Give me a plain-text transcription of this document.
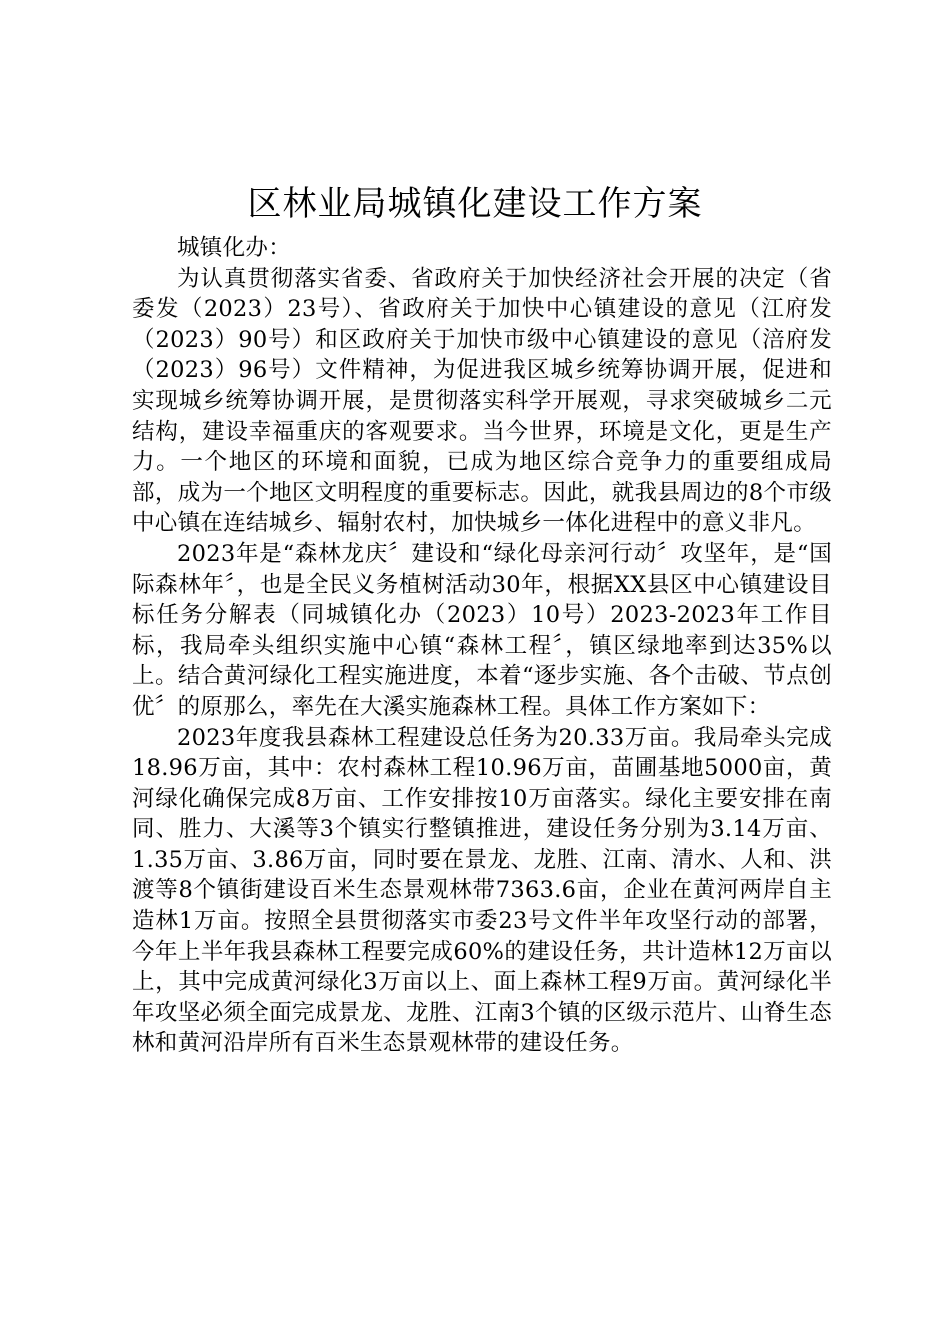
区林业局城镇化建设工作方案

城镇化办：

为认真贯彻落实省委、省政府关于加快经济社会开展的决定（省委发（2023）23号）、省政府关于加快中心镇建设的意见（江府发（2023）90号）和区政府关于加快市级中心镇建设的意见（涪府发（2023）96号）文件精神，为促进我区城乡统筹协调开展，促进和实现城乡统筹协调开展，是贯彻落实科学开展观，寻求突破城乡二元结构，建设幸福重庆的客观要求。当今世界，环境是文化，更是生产力。一个地区的环境和面貌，已成为地区综合竞争力的重要组成局部，成为一个地区文明程度的重要标志。因此，就我县周边的8个市级中心镇在连结城乡、辐射农村，加快城乡一体化进程中的意义非凡。

2023年是“森林龙庆〞建设和“绿化母亲河行动〞攻坚年，是“国际森林年〞，也是全民义务植树活动30年，根据XX县区中心镇建设目标任务分解表（同城镇化办（2023）10号）2023-2023年工作目标，我局牵头组织实施中心镇“森林工程〞，镇区绿地率到达35%以上。结合黄河绿化工程实施进度，本着“逐步实施、各个击破、节点创优〞的原那么，率先在大溪实施森林工程。具体工作方案如下：

2023年度我县森林工程建设总任务为20.33万亩。我局牵头完成18.96万亩，其中：农村森林工程10.96万亩，苗圃基地5000亩，黄河绿化确保完成8万亩、工作安排按10万亩落实。绿化主要安排在南同、胜力、大溪等3个镇实行整镇推进，建设任务分别为3.14万亩、1.35万亩、3.86万亩，同时要在景龙、龙胜、江南、清水、人和、洪渡等8个镇街建设百米生态景观林带7363.6亩，企业在黄河两岸自主造林1万亩。按照全县贯彻落实市委23号文件半年攻坚行动的部署，今年上半年我县森林工程要完成60%的建设任务，共计造林12万亩以上，其中完成黄河绿化3万亩以上、面上森林工程9万亩。黄河绿化半年攻坚必须全面完成景龙、龙胜、江南3个镇的区级示范片、山脊生态林和黄河沿岸所有百米生态景观林带的建设任务。
